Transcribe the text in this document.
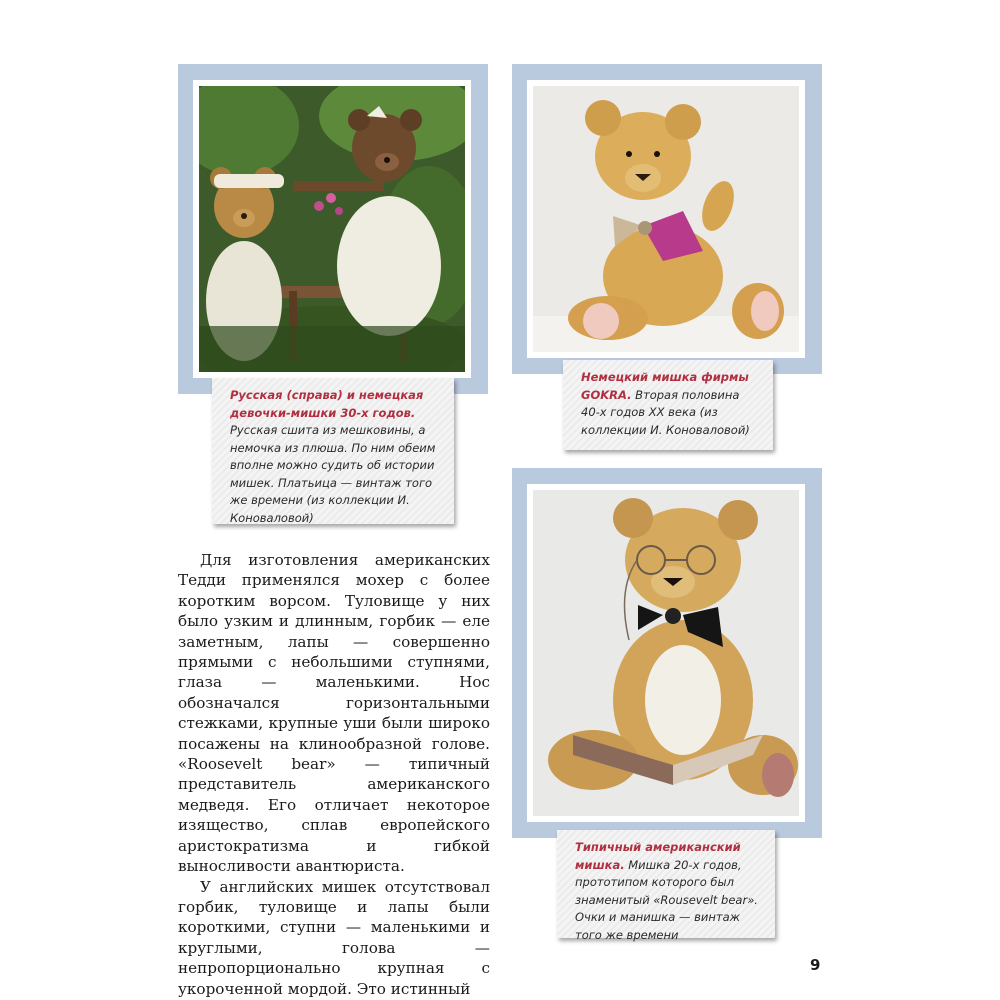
Русская (справа) и немецкая девочки-мишки 30-х годов. Русская сшита из мешковины, а немочка из плюша. По ним обеим вполне можно судить об истории мишек. Платьица — винтаж того же времени (из коллекции И. Коноваловой)
Немецкий мишка фирмы GOKRA. Вторая половина 40-х годов XX века (из коллекции И. Коноваловой)
Типичный американский мишка. Мишка 20-х годов, прототипом которого был знаменитый «Rousevelt bear». Очки и манишка — винтаж того же времени

Для изготовления американских Тедди применялся мохер с более коротким ворсом. Туловище у них было узким и длинным, горбик — еле заметным, лапы — совершенно прямыми с небольшими ступнями, глаза — маленькими. Нос обозначался горизонтальными стежками, крупные уши были широко посажены на клинообразной голове. «Roosevelt bear» — типичный представитель американского медведя. Его отличает некоторое изящество, сплав европейского аристократизма и гибкой выносливости авантюриста.

У английских мишек отсутствовал горбик, туловище и лапы были короткими, ступни — маленькими и круглыми, голова — непропорционально крупная с укороченной мордой. Это истинный

9
